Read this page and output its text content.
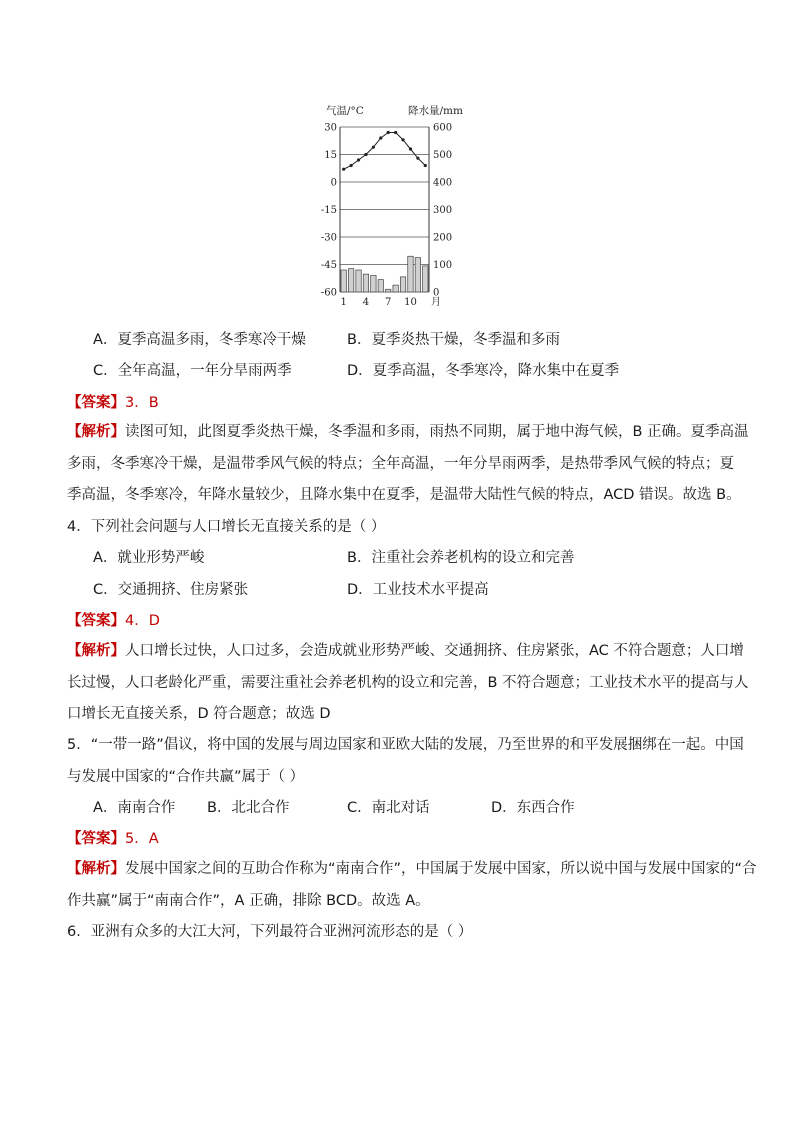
气温/°C	降水量/mm
30	600
15	500
0	400
-15	300
-30	200
-45	100
-60	0
1 4 7 10 月
A．夏季高温多雨，冬季寒冷干燥	B．夏季炎热干燥，冬季温和多雨
C．全年高温，一年分旱雨两季	D．夏季高温，冬季寒冷，降水集中在夏季
【答案】3．B
【解析】读图可知，此图夏季炎热干燥，冬季温和多雨，雨热不同期，属于地中海气候，B 正确。夏季高温
多雨，冬季寒冷干燥，是温带季风气候的特点；全年高温，一年分旱雨两季，是热带季风气候的特点；夏
季高温，冬季寒冷，年降水量较少，且降水集中在夏季，是温带大陆性气候的特点，ACD 错误。故选 B。
4．下列社会问题与人口增长无直接关系的是（ ）
A．就业形势严峻	B．注重社会养老机构的设立和完善
C．交通拥挤、住房紧张	D．工业技术水平提高
【答案】4．D
【解析】人口增长过快，人口过多，会造成就业形势严峻、交通拥挤、住房紧张，AC 不符合题意；人口增
长过慢，人口老龄化严重，需要注重社会养老机构的设立和完善，B 不符合题意；工业技术水平的提高与人
口增长无直接关系，D 符合题意；故选 D
5．“一带一路”倡议，将中国的发展与周边国家和亚欧大陆的发展，乃至世界的和平发展捆绑在一起。中国
与发展中国家的“合作共赢”属于（ ）
A．南南合作 B．北北合作	C．南北对话	D．东西合作
【答案】5．A
【解析】发展中国家之间的互助合作称为“南南合作”，中国属于发展中国家，所以说中国与发展中国家的“合
作共赢”属于“南南合作”，A 正确，排除 BCD。故选 A。
6．亚洲有众多的大江大河，下列最符合亚洲河流形态的是（ ）
